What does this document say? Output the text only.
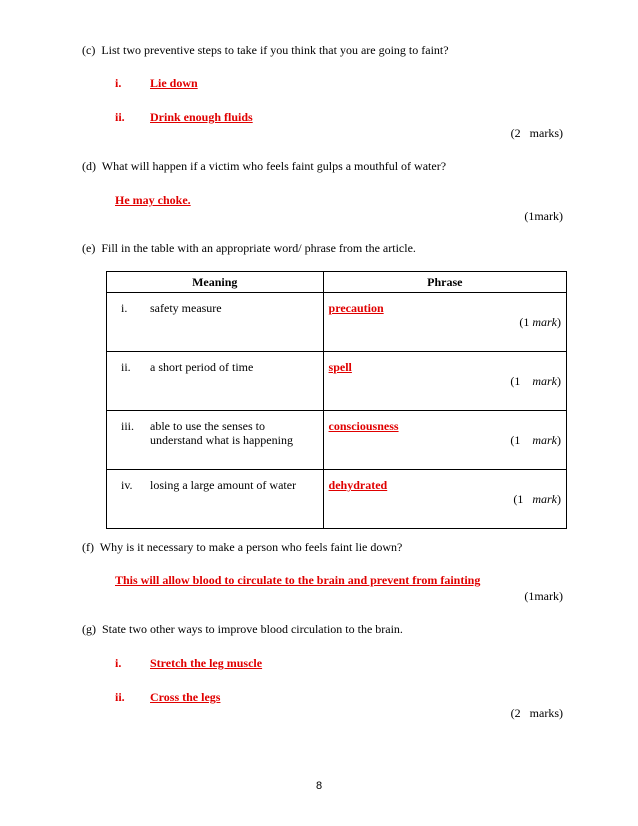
(c) List two preventive steps to take if you think that you are going to faint?
i. Lie down
ii. Drink enough fluids
(2   marks)
(d) What will happen if a victim who feels faint gulps a mouthful of water?
He may choke.
(1mark)
(e) Fill in the table with an appropriate word/ phrase from the article.
Meaning	Phrase

i. safety measure	precaution
(1 mark)

ii. a short period of time	spell
(1    mark)

iii. able to use the senses to understand what is happening	consciousness
(1    mark)

iv. losing a large amount of water	dehydrated
(1   mark)
(f) Why is it necessary to make a person who feels faint lie down?
This will allow blood to circulate to the brain and prevent from fainting
(1mark)
(g) State two other ways to improve blood circulation to the brain.
i. Stretch the leg muscle
ii. Cross the legs
(2   marks)
8
